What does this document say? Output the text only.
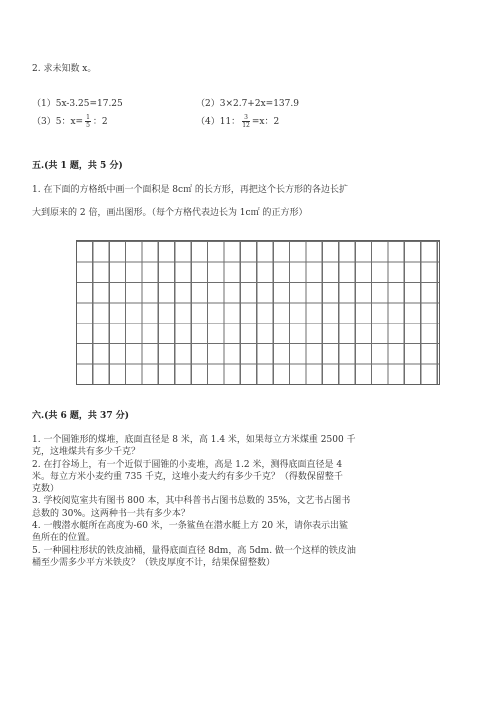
2. 求未知数 x。
（1）5x-3.25=17.25	（2）3×2.7+2x=137.9
（3）5：$x= \frac{1}{5}$ ：2	（4）11： $\frac{3}{12} =x$：2
五.(共 1 题，共 5 分)
1. 在下面的方格纸中画一个面积是 8c㎡ 的长方形，再把这个长方形的各边长扩
大到原来的 2 倍，画出图形。（每个方格代表边长为 1c㎡ 的正方形）
六.(共 6 题，共 37 分)
1. 一个圆锥形的煤堆，底面直径是 8 米，高 1.4 米，如果每立方米煤重 2500 千
克，这堆煤共有多少千克？
2. 在打谷场上，有一个近似于圆锥的小麦堆，高是 1.2 米，测得底面直径是 4
米。每立方米小麦约重 735 千克，这堆小麦大约有多少千克？（得数保留整千
克数）
3. 学校阅览室共有图书 800 本，其中科普书占图书总数的 35%，文艺书占图书
总数的 30%。这两种书一共有多少本？
4. 一艘潜水艇所在高度为-60 米，一条鲨鱼在潜水艇上方 20 米，请你表示出鲨
鱼所在的位置。
5. 一种圆柱形状的铁皮油桶，量得底面直径 8dm，高 5dm. 做一个这样的铁皮油
桶至少需多少平方米铁皮？（铁皮厚度不计，结果保留整数）
